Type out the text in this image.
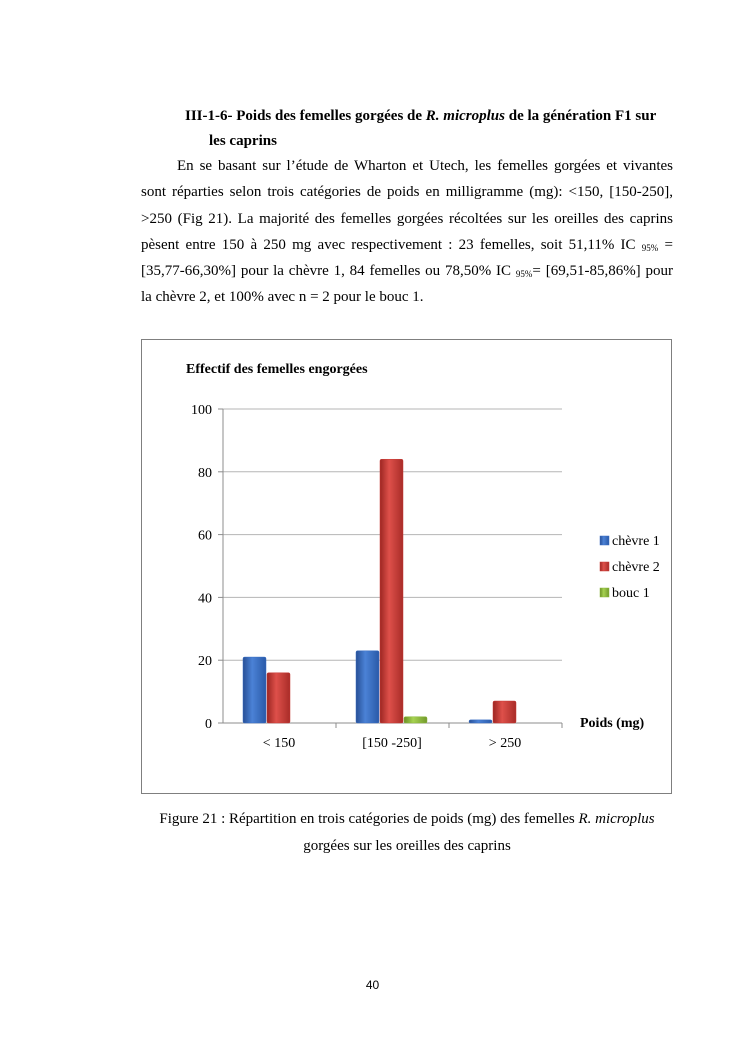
III-1-6- Poids des femelles gorgées de R. microplus de la génération F1 sur
les caprins
En se basant sur l’étude de Wharton et Utech, les femelles gorgées et vivantes
sont réparties selon trois catégories de poids en milligramme (mg): <150, [150-250],
>250 (Fig 21). La majorité des femelles gorgées récoltées sur les oreilles des caprins
pèsent entre 150 à 250 mg avec respectivement : 23 femelles, soit 51,11% IC $_{95\%}$ =
[35,77-66,30%] pour la chèvre 1, 84 femelles ou 78,50% IC $_{95\%}$= [69,51-85,86%] pour
la chèvre 2, et 100% avec n = 2 pour le bouc 1.
Effectif des femelles engorgées
Poids (mg)
0
20
40
60
80
100
< 150	[150 -250]	> 250
chèvre 1
chèvre 2
bouc 1
Figure 21 : Répartition en trois catégories de poids (mg) des femelles R. microplus
gorgées sur les oreilles des caprins
40
